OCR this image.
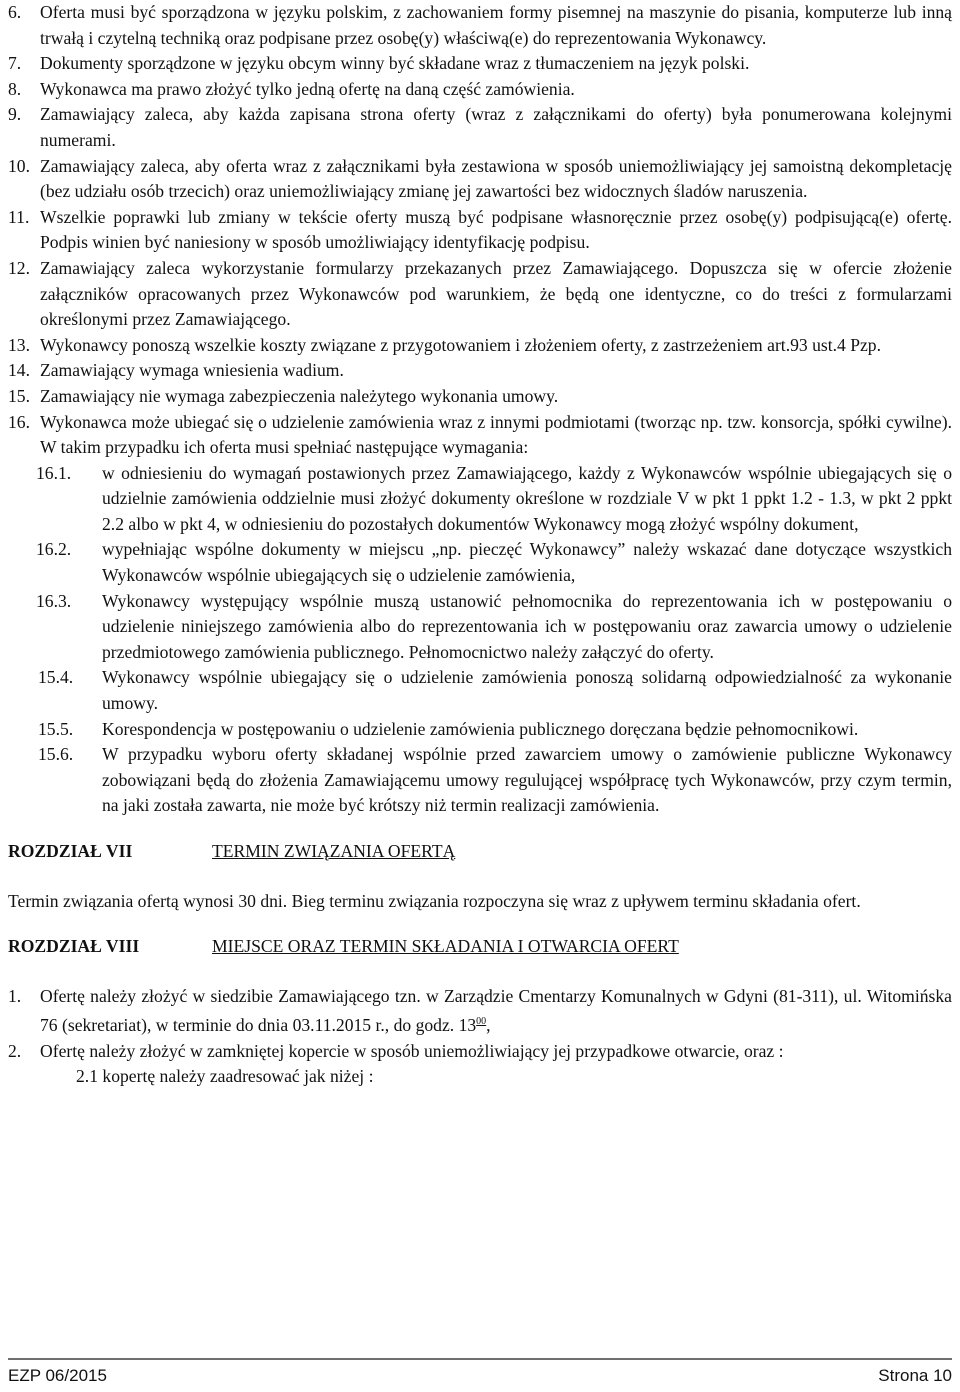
6.	Oferta musi być sporządzona w języku polskim, z zachowaniem formy pisemnej na maszynie do pisania, komputerze lub inną trwałą i czytelną techniką oraz podpisane przez osobę(y) właściwą(e) do reprezentowania Wykonawcy.
7.	Dokumenty sporządzone w języku obcym winny być składane wraz z tłumaczeniem na język polski.
8.	Wykonawca ma prawo złożyć tylko jedną ofertę na daną część zamówienia.
9.	Zamawiający zaleca, aby każda zapisana strona oferty (wraz z załącznikami do oferty) była ponumerowana kolejnymi numerami.
10. Zamawiający zaleca, aby oferta wraz z załącznikami była zestawiona w sposób uniemożliwiający jej samoistną dekompletację (bez udziału osób trzecich) oraz uniemożliwiający zmianę jej zawartości bez widocznych śladów naruszenia.
11. Wszelkie poprawki lub zmiany w tekście oferty muszą być podpisane własnoręcznie przez osobę(y) podpisującą(e) ofertę. Podpis winien być naniesiony w sposób umożliwiający identyfikację podpisu.
12. Zamawiający zaleca wykorzystanie formularzy przekazanych przez Zamawiającego. Dopuszcza się w ofercie złożenie załączników opracowanych przez Wykonawców pod warunkiem, że będą one identyczne, co do treści z formularzami określonymi przez Zamawiającego.
13. Wykonawcy ponoszą wszelkie koszty związane z przygotowaniem i złożeniem oferty, z zastrzeżeniem art.93 ust.4 Pzp.
14. Zamawiający wymaga wniesienia wadium.
15. Zamawiający nie wymaga zabezpieczenia należytego wykonania umowy.
16. Wykonawca może ubiegać się o udzielenie zamówienia wraz z innymi podmiotami (tworząc np. tzw. konsorcja, spółki cywilne). W takim przypadku ich oferta musi spełniać następujące wymagania:
16.1.	w odniesieniu do wymagań postawionych przez Zamawiającego, każdy z Wykonawców wspólnie ubiegających się o udzielnie zamówienia oddzielnie musi złożyć dokumenty określone w rozdziale V w pkt 1 ppkt 1.2 - 1.3, w pkt 2 ppkt 2.2 albo w pkt 4, w odniesieniu do pozostałych dokumentów Wykonawcy mogą złożyć wspólny dokument,
16.2.	wypełniając wspólne dokumenty w miejscu „np. pieczęć Wykonawcy” należy wskazać dane dotyczące wszystkich Wykonawców wspólnie ubiegających się o udzielenie zamówienia,
16.3.	Wykonawcy występujący wspólnie muszą ustanowić pełnomocnika do reprezentowania ich w postępowaniu o udzielenie niniejszego zamówienia albo do reprezentowania ich w postępowaniu oraz zawarcia umowy o udzielenie przedmiotowego zamówienia publicznego. Pełnomocnictwo należy załączyć do oferty.
15.4.	Wykonawcy wspólnie ubiegający się o udzielenie zamówienia ponoszą solidarną odpowiedzialność za wykonanie umowy.
15.5.	Korespondencja w postępowaniu o udzielenie zamówienia publicznego doręczana będzie pełnomocnikowi.
15.6.	W przypadku wyboru oferty składanej wspólnie przed zawarciem umowy o zamówienie publiczne Wykonawcy zobowiązani będą do złożenia Zamawiającemu umowy regulującej współpracę tych Wykonawców, przy czym termin, na jaki została zawarta, nie może być krótszy niż termin realizacji zamówienia.
ROZDZIAŁ VII	TERMIN ZWIĄZANIA OFERTĄ

Termin związania ofertą wynosi 30 dni. Bieg terminu związania rozpoczyna się wraz z upływem terminu składania ofert.

ROZDZIAŁ VIII	MIEJSCE ORAZ TERMIN SKŁADANIA I OTWARCIA OFERT
1.	Ofertę należy złożyć w siedzibie Zamawiającego tzn. w Zarządzie Cmentarzy Komunalnych w Gdyni (81-311), ul. Witomińska 76 (sekretariat), w terminie do dnia 03.11.2015 r., do godz. $13^{00}$,
2.	Ofertę należy złożyć w zamkniętej kopercie w sposób uniemożliwiający jej przypadkowe otwarcie, oraz :
2.1 kopertę należy zaadresować jak niżej :
EZP 06/2015	Strona 10
